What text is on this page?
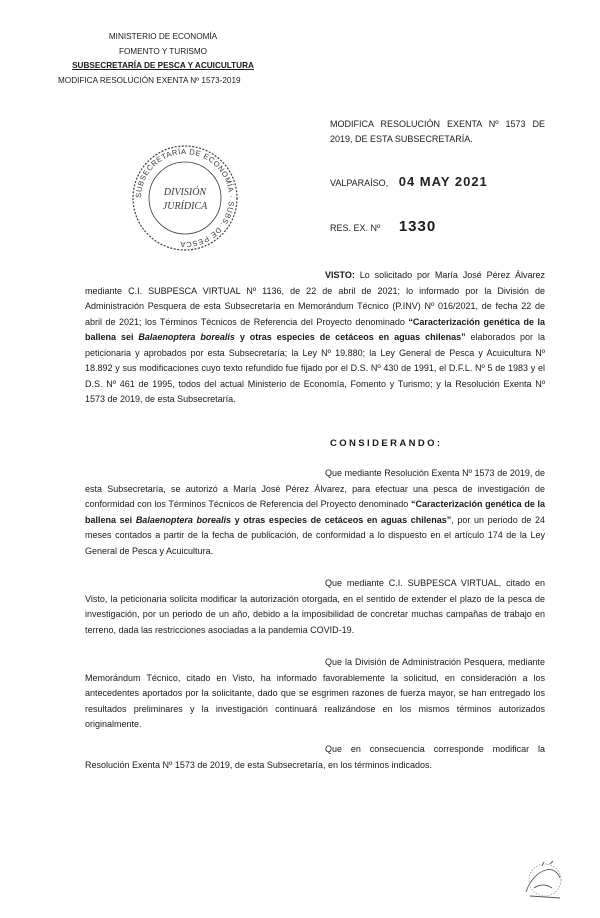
MINISTERIO DE ECONOMÍA
FOMENTO Y TURISMO
SUBSECRETARÍA DE PESCA Y ACUICULTURA
MODIFICA RESOLUCIÓN EXENTA Nº 1573-2019
MODIFICA RESOLUCIÓN EXENTA Nº 1573 DE 2019, DE ESTA SUBSECRETARÍA.
SUBSECRETARÍA DE ECONOMÍA · SUBS. DE PESCA
DIVISIÓN
JURÍDICA
VALPARAÍSO, 04 MAY 2021
RES. EX. Nº 1330
VISTO: Lo solicitado por María José Pérez Álvarez mediante C.I. SUBPESCA VIRTUAL Nº 1136, de 22 de abril de 2021; lo informado por la División de Administración Pesquera de esta Subsecretaría en Memorándum Técnico (P.INV) Nº 016/2021, de fecha 22 de abril de 2021; los Términos Técnicos de Referencia del Proyecto denominado “Caracterización genética de la ballena sei Balaenoptera borealis y otras especies de cetáceos en aguas chilenas” elaborados por la peticionaria y aprobados por esta Subsecretaría; la Ley Nº 19.880; la Ley General de Pesca y Acuicultura Nº 18.892 y sus modificaciones cuyo texto refundido fue fijado por el D.S. Nº 430 de 1991, el D.F.L. Nº 5 de 1983 y el D.S. Nº 461 de 1995, todos del actual Ministerio de Economía, Fomento y Turismo; y la Resolución Exenta Nº 1573 de 2019, de esta Subsecretaría.
CONSIDERANDO:
Que mediante Resolución Exenta Nº 1573 de 2019, de esta Subsecretaría, se autorizó a María José Pérez Álvarez, para efectuar una pesca de investigación de conformidad con los Términos Técnicos de Referencia del Proyecto denominado “Caracterización genética de la ballena sei Balaenoptera borealis y otras especies de cetáceos en aguas chilenas”, por un periodo de 24 meses contados a partir de la fecha de publicación, de conformidad a lo dispuesto en el artículo 174 de la Ley General de Pesca y Acuicultura.
Que mediante C.I. SUBPESCA VIRTUAL, citado en Visto, la peticionaria solicita modificar la autorización otorgada, en el sentido de extender el plazo de la pesca de investigación, por un periodo de un año, debido a la imposibilidad de concretar muchas campañas de trabajo en terreno, dada las restricciones asociadas a la pandemia COVID-19.
Que la División de Administración Pesquera, mediante Memorándum Técnico, citado en Visto, ha informado favorablemente la solicitud, en consideración a los antecedentes aportados por la solicitante, dado que se esgrimen razones de fuerza mayor, se han entregado los resultados preliminares y la investigación continuará realizándose en los mismos términos autorizados originalmente.
Que en consecuencia corresponde modificar la Resolución Exenta Nº 1573 de 2019, de esta Subsecretaría, en los términos indicados.
